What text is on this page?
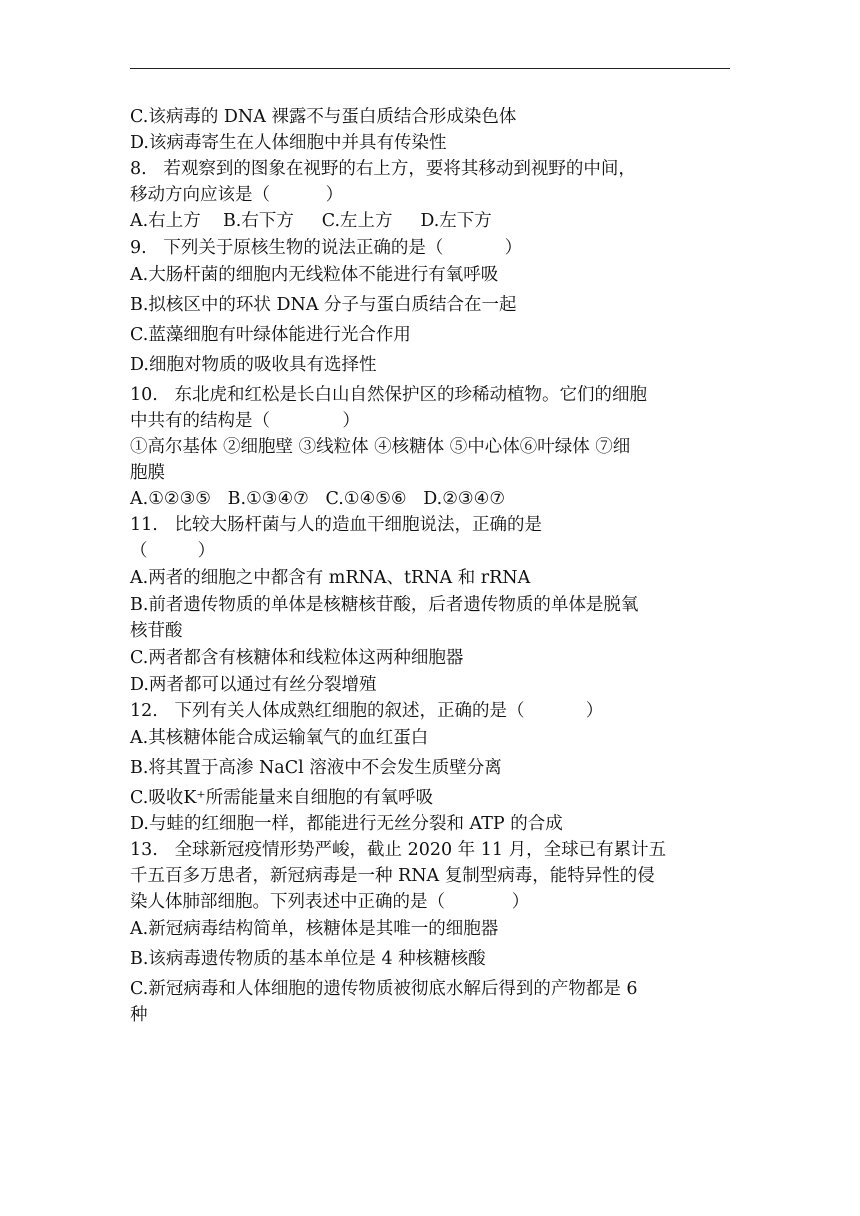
C.该病毒的 DNA 裸露不与蛋白质结合形成染色体
D.该病毒寄生在人体细胞中并具有传染性
8.   若观察到的图象在视野的右上方，要将其移动到视野的中间，
移动方向应该是（          ）
A.右上方    B.右下方     C.左上方     D.左下方
9.   下列关于原核生物的说法正确的是（           ）
A.大肠杆菌的细胞内无线粒体不能进行有氧呼吸
B.拟核区中的环状 DNA 分子与蛋白质结合在一起
C.蓝藻细胞有叶绿体能进行光合作用
D.细胞对物质的吸收具有选择性
10.   东北虎和红松是长白山自然保护区的珍稀动植物。它们的细胞
中共有的结构是（             ）
①高尔基体 ②细胞壁 ③线粒体 ④核糖体 ⑤中心体⑥叶绿体 ⑦细
胞膜
A.①②③⑤   B.①③④⑦   C.①④⑤⑥   D.②③④⑦
11.   比较大肠杆菌与人的造血干细胞说法，正确的是
（         ）
A.两者的细胞之中都含有 mRNA、tRNA 和 rRNA
B.前者遗传物质的单体是核糖核苷酸，后者遗传物质的单体是脱氧
核苷酸
C.两者都含有核糖体和线粒体这两种细胞器
D.两者都可以通过有丝分裂增殖
12.   下列有关人体成熟红细胞的叙述，正确的是（           ）
A.其核糖体能合成运输氧气的血红蛋白
B.将其置于高渗 NaCl 溶液中不会发生质壁分离
C.吸收K⁺所需能量来自细胞的有氧呼吸
D.与蛙的红细胞一样，都能进行无丝分裂和 ATP 的合成
13.   全球新冠疫情形势严峻，截止 2020 年 11 月，全球已有累计五
千五百多万患者，新冠病毒是一种 RNA 复制型病毒，能特异性的侵
染人体肺部细胞。下列表述中正确的是（            ）
A.新冠病毒结构简单，核糖体是其唯一的细胞器
B.该病毒遗传物质的基本单位是 4 种核糖核酸
C.新冠病毒和人体细胞的遗传物质被彻底水解后得到的产物都是 6
种
